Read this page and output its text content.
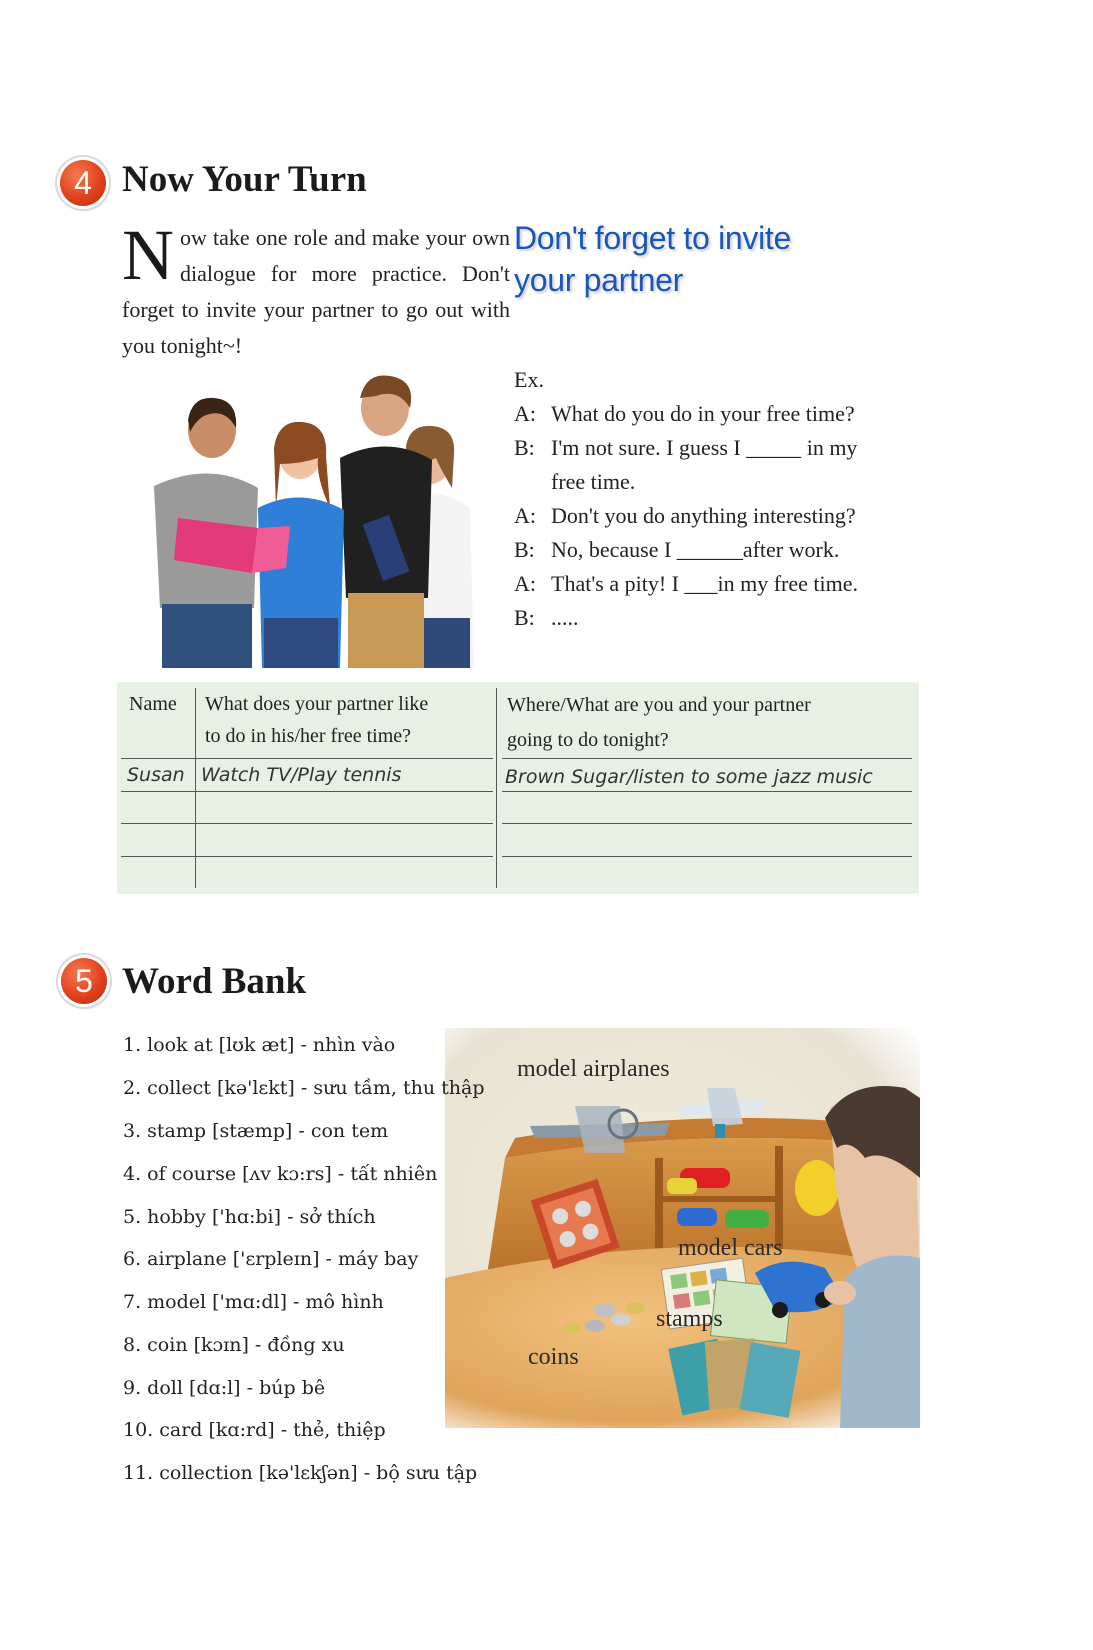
4 Now Your Turn
Now take one role and make your own dialogue for more practice. Don't forget to invite your partner to go out with you tonight~!
Don't forget to invite
your partner
Ex.
A: What do you do in your free time?
B: I'm not sure. I guess I _____ in my
free time.
A: Don't you do anything interesting?
B: No, because I ______after work.
A: That's a pity! I ___in my free time.
B: .....
Name What does your partner like
to do in his/her free time?
Where/What are you and your partner
going to do tonight?
Susan Watch TV/Play tennis	Brown Sugar/listen to some jazz music
5 Word Bank
model airplanes
model cars
stamps
coins
1. look at [lʊk æt] - nhìn vào
2. collect [kə'lɛkt] - sưu tầm, thu thập
3. stamp [stæmp] - con tem
4. of course [ʌv kɔ:rs] - tất nhiên
5. hobby ['hɑ:bi] - sở thích
6. airplane ['ɛrpleɪn] - máy bay
7. model ['mɑ:dl] - mô hình
8. coin [kɔɪn] - đồng xu
9. doll [dɑ:l] - búp bê
10. card [kɑ:rd] - thẻ, thiệp
11. collection [kə'lɛkʃən] - bộ sưu tập
